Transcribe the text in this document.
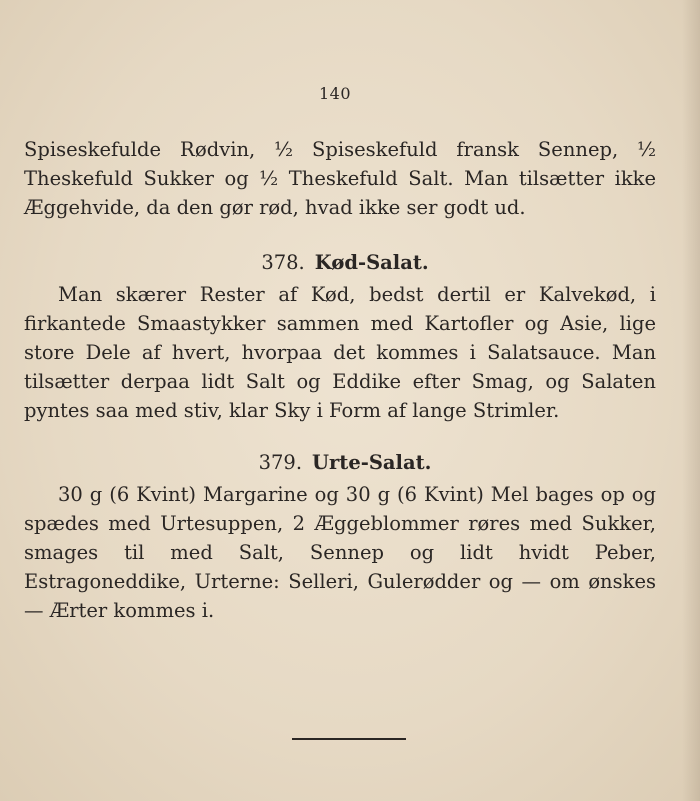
140

Spiseskefulde Rødvin, ½ Spiseskefuld fransk Sennep, ½ Theskefuld Sukker og ½ Theskefuld Salt. Man tilsætter ikke Æggehvide, da den gør rød, hvad ikke ser godt ud.

378. Kød-Salat.

Man skærer Rester af Kød, bedst dertil er Kalvekød, i firkantede Smaastykker sammen med Kartofler og Asie, lige store Dele af hvert, hvorpaa det kommes i Salatsauce. Man tilsætter derpaa lidt Salt og Eddike efter Smag, og Salaten pyntes saa med stiv, klar Sky i Form af lange Strimler.

379. Urte-Salat.

30 g (6 Kvint) Margarine og 30 g (6 Kvint) Mel bages op og spædes med Urtesuppen, 2 Æggeblommer røres med Sukker, smages til med Salt, Sennep og lidt hvidt Peber, Estragoneddike, Urterne: Selleri, Gulerødder og — om ønskes — Ærter kommes i.
